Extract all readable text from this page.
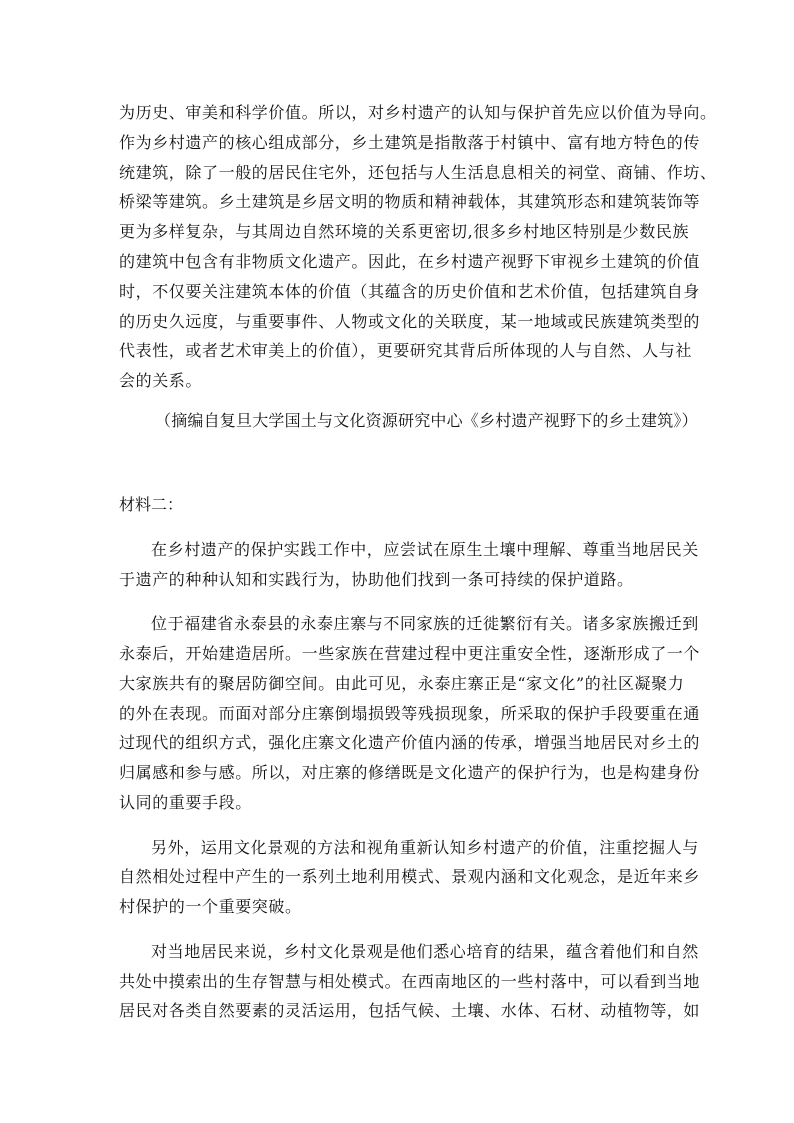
为历史、审美和科学价值。所以，对乡村遗产的认知与保护首先应以价值为导向。
作为乡村遗产的核心组成部分，乡土建筑是指散落于村镇中、富有地方特色的传
统建筑，除了一般的居民住宅外，还包括与人生活息息相关的祠堂、商铺、作坊、
桥梁等建筑。乡土建筑是乡居文明的物质和精神载体，其建筑形态和建筑装饰等
更为多样复杂，与其周边自然环境的关系更密切,很多乡村地区特别是少数民族
的建筑中包含有非物质文化遗产。因此，在乡村遗产视野下审视乡土建筑的价值
时，不仅要关注建筑本体的价值（其蕴含的历史价值和艺术价值，包括建筑自身
的历史久远度，与重要事件、人物或文化的关联度，某一地域或民族建筑类型的
代表性，或者艺术审美上的价值），更要研究其背后所体现的人与自然、人与社
会的关系。
（摘编自复旦大学国土与文化资源研究中心《乡村遗产视野下的乡土建筑》）
材料二：
在乡村遗产的保护实践工作中，应尝试在原生土壤中理解、尊重当地居民关
于遗产的种种认知和实践行为，协助他们找到一条可持续的保护道路。
位于福建省永泰县的永泰庄寨与不同家族的迁徙繁衍有关。诸多家族搬迁到
永泰后，开始建造居所。一些家族在营建过程中更注重安全性，逐渐形成了一个
大家族共有的聚居防御空间。由此可见，永泰庄寨正是“家文化”的社区凝聚力
的外在表现。而面对部分庄寨倒塌损毁等残损现象，所采取的保护手段要重在通
过现代的组织方式，强化庄寨文化遗产价值内涵的传承，增强当地居民对乡土的
归属感和参与感。所以，对庄寨的修缮既是文化遗产的保护行为，也是构建身份
认同的重要手段。
另外，运用文化景观的方法和视角重新认知乡村遗产的价值，注重挖掘人与
自然相处过程中产生的一系列土地利用模式、景观内涵和文化观念，是近年来乡
村保护的一个重要突破。
对当地居民来说，乡村文化景观是他们悉心培育的结果，蕴含着他们和自然
共处中摸索出的生存智慧与相处模式。在西南地区的一些村落中，可以看到当地
居民对各类自然要素的灵活运用，包括气候、土壤、水体、石材、动植物等，如
